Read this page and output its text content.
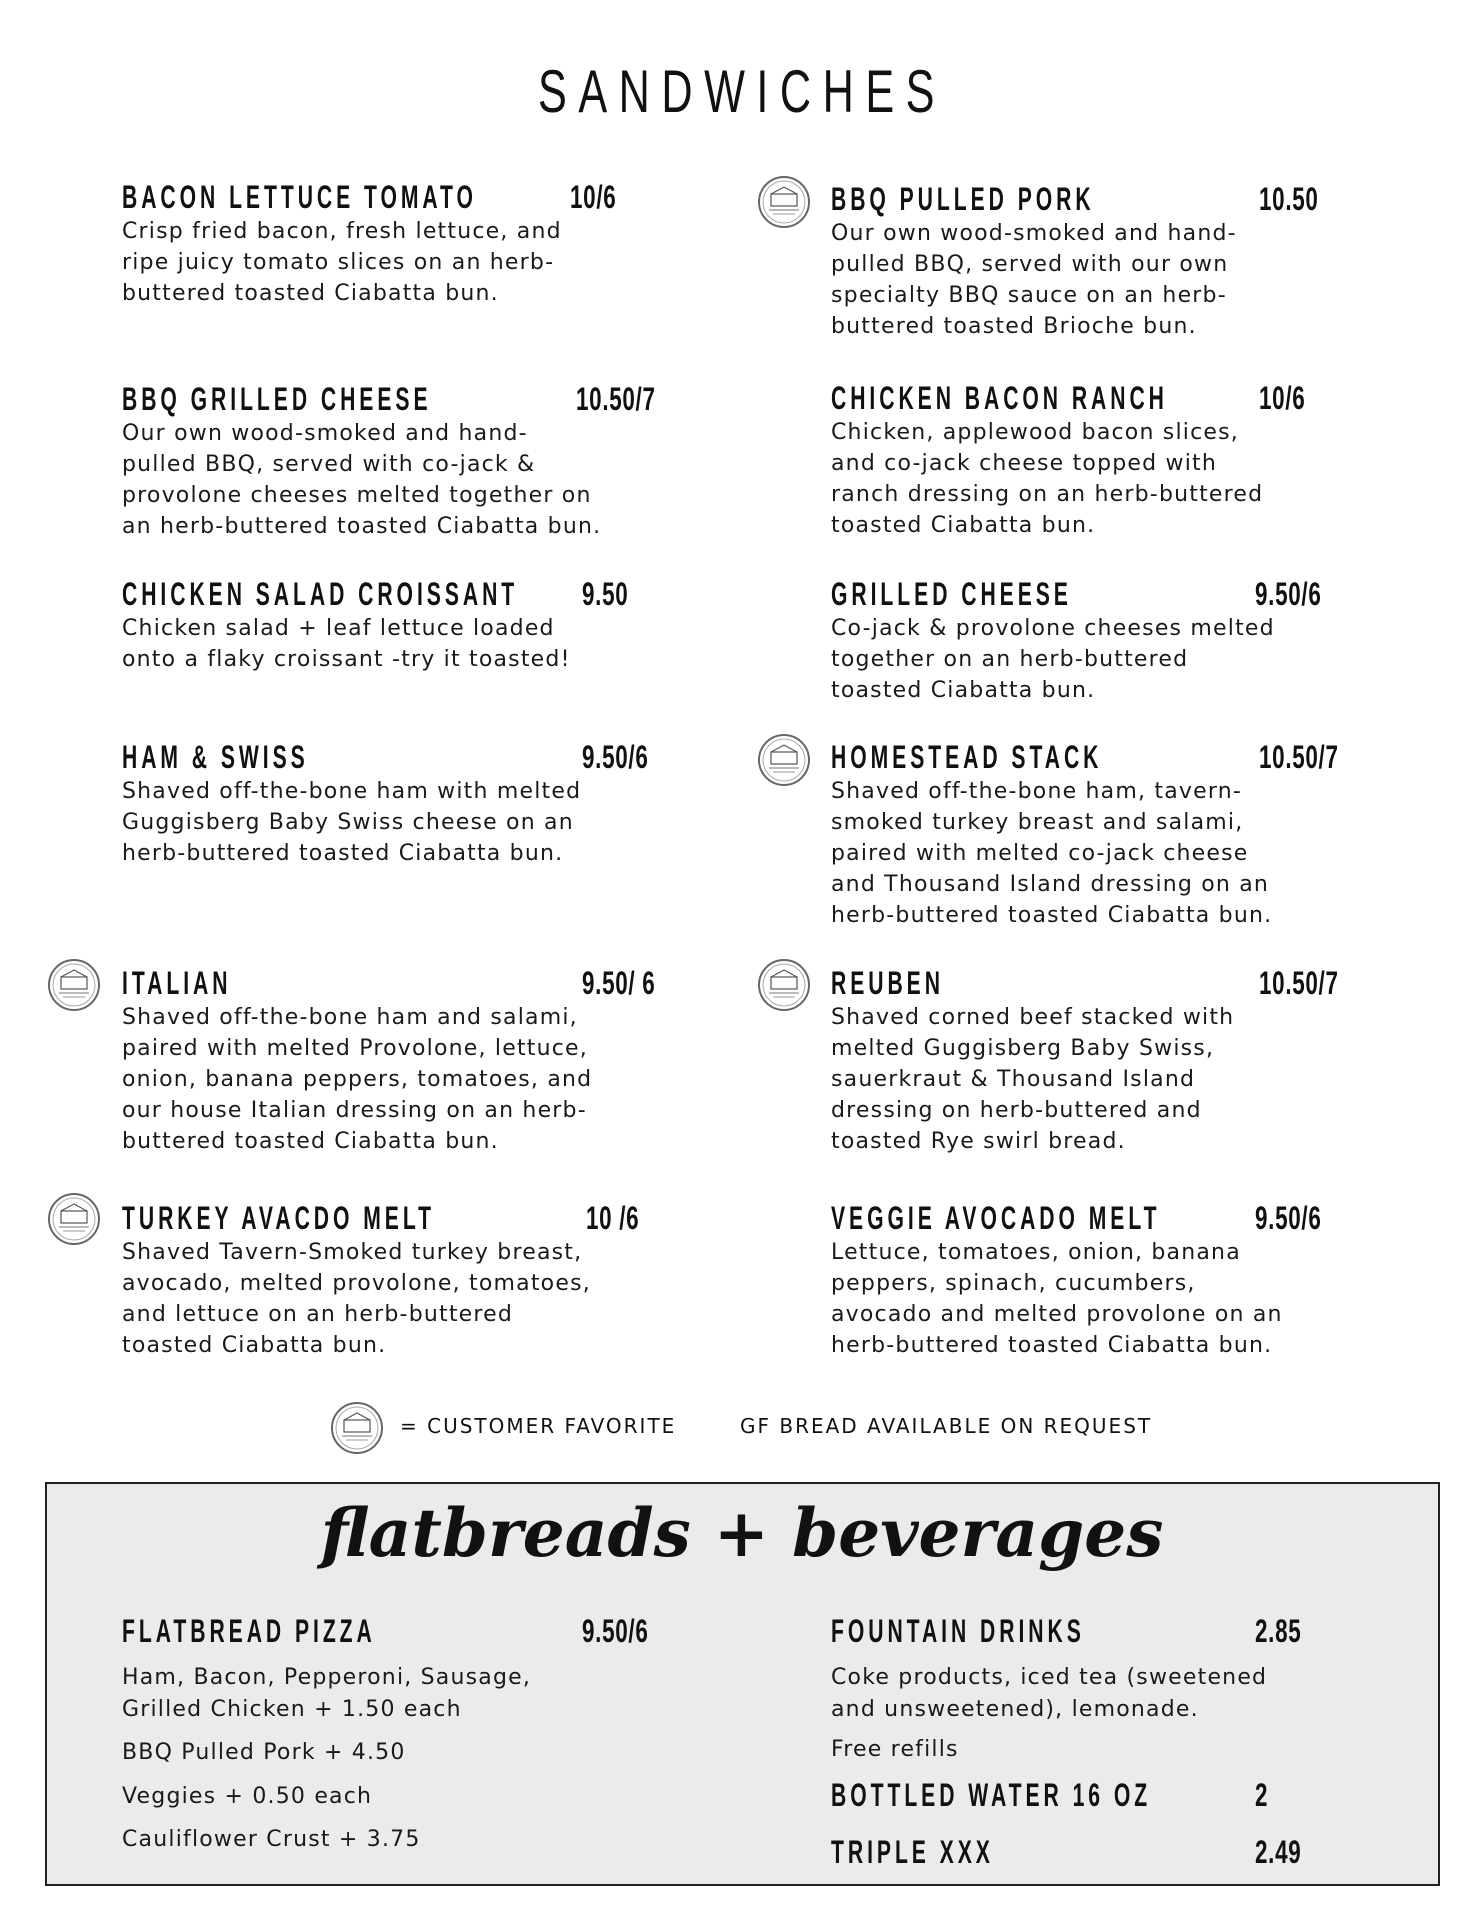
SANDWICHES
BACON LETTUCE TOMATO	10/6

Crisp fried bacon, fresh lettuce, and
ripe juicy tomato slices on an herb-
buttered toasted Ciabatta bun.

BBQ PULLED PORK	10.50

Our own wood-smoked and hand-
pulled BBQ, served with our own
specialty BBQ sauce on an herb-
buttered toasted Brioche bun.

BBQ GRILLED CHEESE	10.50/7

Our own wood-smoked and hand-
pulled BBQ, served with co-jack &
provolone cheeses melted together on
an herb-buttered toasted Ciabatta bun.

CHICKEN BACON RANCH	10/6

Chicken, applewood bacon slices,
and co-jack cheese topped with
ranch dressing on an herb-buttered
toasted Ciabatta bun.

CHICKEN SALAD CROISSANT 9.50

Chicken salad + leaf lettuce loaded
onto a flaky croissant -try it toasted!

GRILLED CHEESE	9.50/6

Co-jack & provolone cheeses melted
together on an herb-buttered
toasted Ciabatta bun.

HAM & SWISS	9.50/6

Shaved off-the-bone ham with melted
Guggisberg Baby Swiss cheese on an
herb-buttered toasted Ciabatta bun.

HOMESTEAD STACK	10.50/7

Shaved off-the-bone ham, tavern-
smoked turkey breast and salami,
paired with melted co-jack cheese
and Thousand Island dressing on an
herb-buttered toasted Ciabatta bun.

ITALIAN	9.50/ 6

Shaved off-the-bone ham and salami,
paired with melted Provolone, lettuce,
onion, banana peppers, tomatoes, and
our house Italian dressing on an herb-
buttered toasted Ciabatta bun.

REUBEN	10.50/7

Shaved corned beef stacked with
melted Guggisberg Baby Swiss,
sauerkraut & Thousand Island
dressing on herb-buttered and
toasted Rye swirl bread.

TURKEY AVACDO MELT	10 /6

Shaved Tavern-Smoked turkey breast,
avocado, melted provolone, tomatoes,
and lettuce on an herb-buttered
toasted Ciabatta bun.

VEGGIE AVOCADO MELT	9.50/6

Lettuce, tomatoes, onion, banana
peppers, spinach, cucumbers,
avocado and melted provolone on an
herb-buttered toasted Ciabatta bun.

= CUSTOMER FAVORITE	GF BREAD AVAILABLE ON REQUEST
flatbreads + beverages
FLATBREAD PIZZA	9.50/6

Ham, Bacon, Pepperoni, Sausage,
Grilled Chicken + 1.50 each

BBQ Pulled Pork + 4.50

Veggies + 0.50 each

Cauliflower Crust + 3.75

FOUNTAIN DRINKS	2.85

Coke products, iced tea (sweetened
and unsweetened), lemonade.

Free refills

BOTTLED WATER 16 OZ	2
TRIPLE XXX	2.49
